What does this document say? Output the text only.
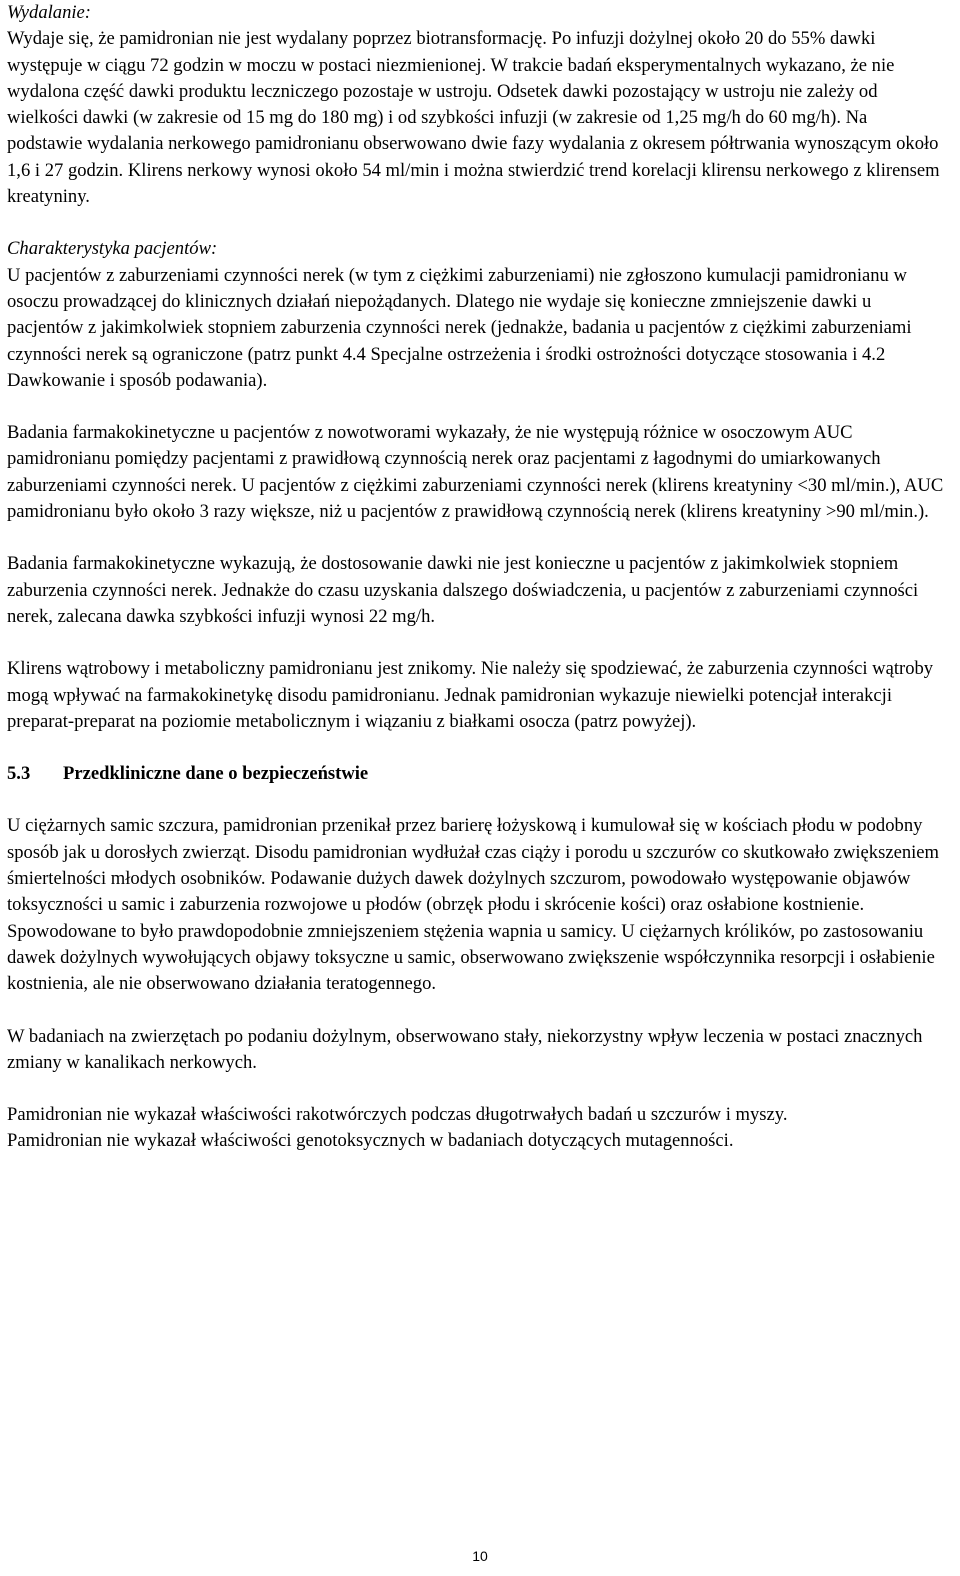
Wydalanie:

Wydaje się, że pamidronian nie jest wydalany poprzez biotransformację. Po infuzji dożylnej około 20 do 55% dawki występuje w ciągu 72 godzin w moczu w postaci niezmienionej. W trakcie badań eksperymentalnych wykazano, że nie wydalona część dawki produktu leczniczego pozostaje w ustroju. Odsetek dawki pozostający w ustroju nie zależy od wielkości dawki (w zakresie od 15 mg do 180 mg) i od szybkości infuzji (w zakresie od 1,25 mg/h do 60 mg/h). Na podstawie wydalania nerkowego pamidronianu obserwowano dwie fazy wydalania z okresem półtrwania wynoszącym około 1,6 i 27 godzin. Klirens nerkowy wynosi około 54 ml/min i można stwierdzić trend korelacji klirensu nerkowego z klirensem kreatyniny.

Charakterystyka pacjentów:

U pacjentów z zaburzeniami czynności nerek (w tym z ciężkimi zaburzeniami) nie zgłoszono kumulacji pamidronianu w osoczu prowadzącej do klinicznych działań niepożądanych. Dlatego nie wydaje się konieczne zmniejszenie dawki u pacjentów z jakimkolwiek stopniem zaburzenia czynności nerek (jednakże, badania u pacjentów z ciężkimi zaburzeniami czynności nerek są ograniczone (patrz punkt 4.4 Specjalne ostrzeżenia i środki ostrożności dotyczące stosowania i 4.2 Dawkowanie i sposób podawania).

Badania farmakokinetyczne u pacjentów z nowotworami wykazały, że nie występują różnice w osoczowym AUC pamidronianu pomiędzy pacjentami z prawidłową czynnością nerek oraz pacjentami z łagodnymi do umiarkowanych zaburzeniami czynności nerek. U pacjentów z ciężkimi zaburzeniami czynności nerek (klirens kreatyniny <30 ml/min.), AUC pamidronianu było około 3 razy większe, niż u pacjentów z prawidłową czynnością nerek (klirens kreatyniny >90 ml/min.).

Badania farmakokinetyczne wykazują, że dostosowanie dawki nie jest konieczne u pacjentów z jakimkolwiek stopniem zaburzenia czynności nerek. Jednakże do czasu uzyskania dalszego doświadczenia, u pacjentów z zaburzeniami czynności nerek, zalecana dawka szybkości infuzji wynosi 22 mg/h.

Klirens wątrobowy i metaboliczny pamidronianu jest znikomy. Nie należy się spodziewać, że zaburzenia czynności wątroby mogą wpływać na farmakokinetykę disodu pamidronianu. Jednak pamidronian wykazuje niewielki potencjał interakcji preparat-preparat na poziomie metabolicznym i wiązaniu z białkami osocza (patrz powyżej).

5.3 Przedkliniczne dane o bezpieczeństwie

U ciężarnych samic szczura, pamidronian przenikał przez barierę łożyskową i kumulował się w kościach płodu w podobny sposób jak u dorosłych zwierząt. Disodu pamidronian wydłużał czas ciąży i porodu u szczurów co skutkowało zwiększeniem śmiertelności młodych osobników. Podawanie dużych dawek dożylnych szczurom, powodowało występowanie objawów toksyczności u samic i zaburzenia rozwojowe u płodów (obrzęk płodu i skrócenie kości) oraz osłabione kostnienie. Spowodowane to było prawdopodobnie zmniejszeniem stężenia wapnia u samicy. U ciężarnych królików, po zastosowaniu dawek dożylnych wywołujących objawy toksyczne u samic, obserwowano zwiększenie współczynnika resorpcji i osłabienie kostnienia, ale nie obserwowano działania teratogennego.

W badaniach na zwierzętach po podaniu dożylnym, obserwowano stały, niekorzystny wpływ leczenia w postaci znacznych zmiany w kanalikach nerkowych.

Pamidronian nie wykazał właściwości rakotwórczych podczas długotrwałych badań u szczurów i myszy.

Pamidronian nie wykazał właściwości genotoksycznych w badaniach dotyczących mutagenności.

10
